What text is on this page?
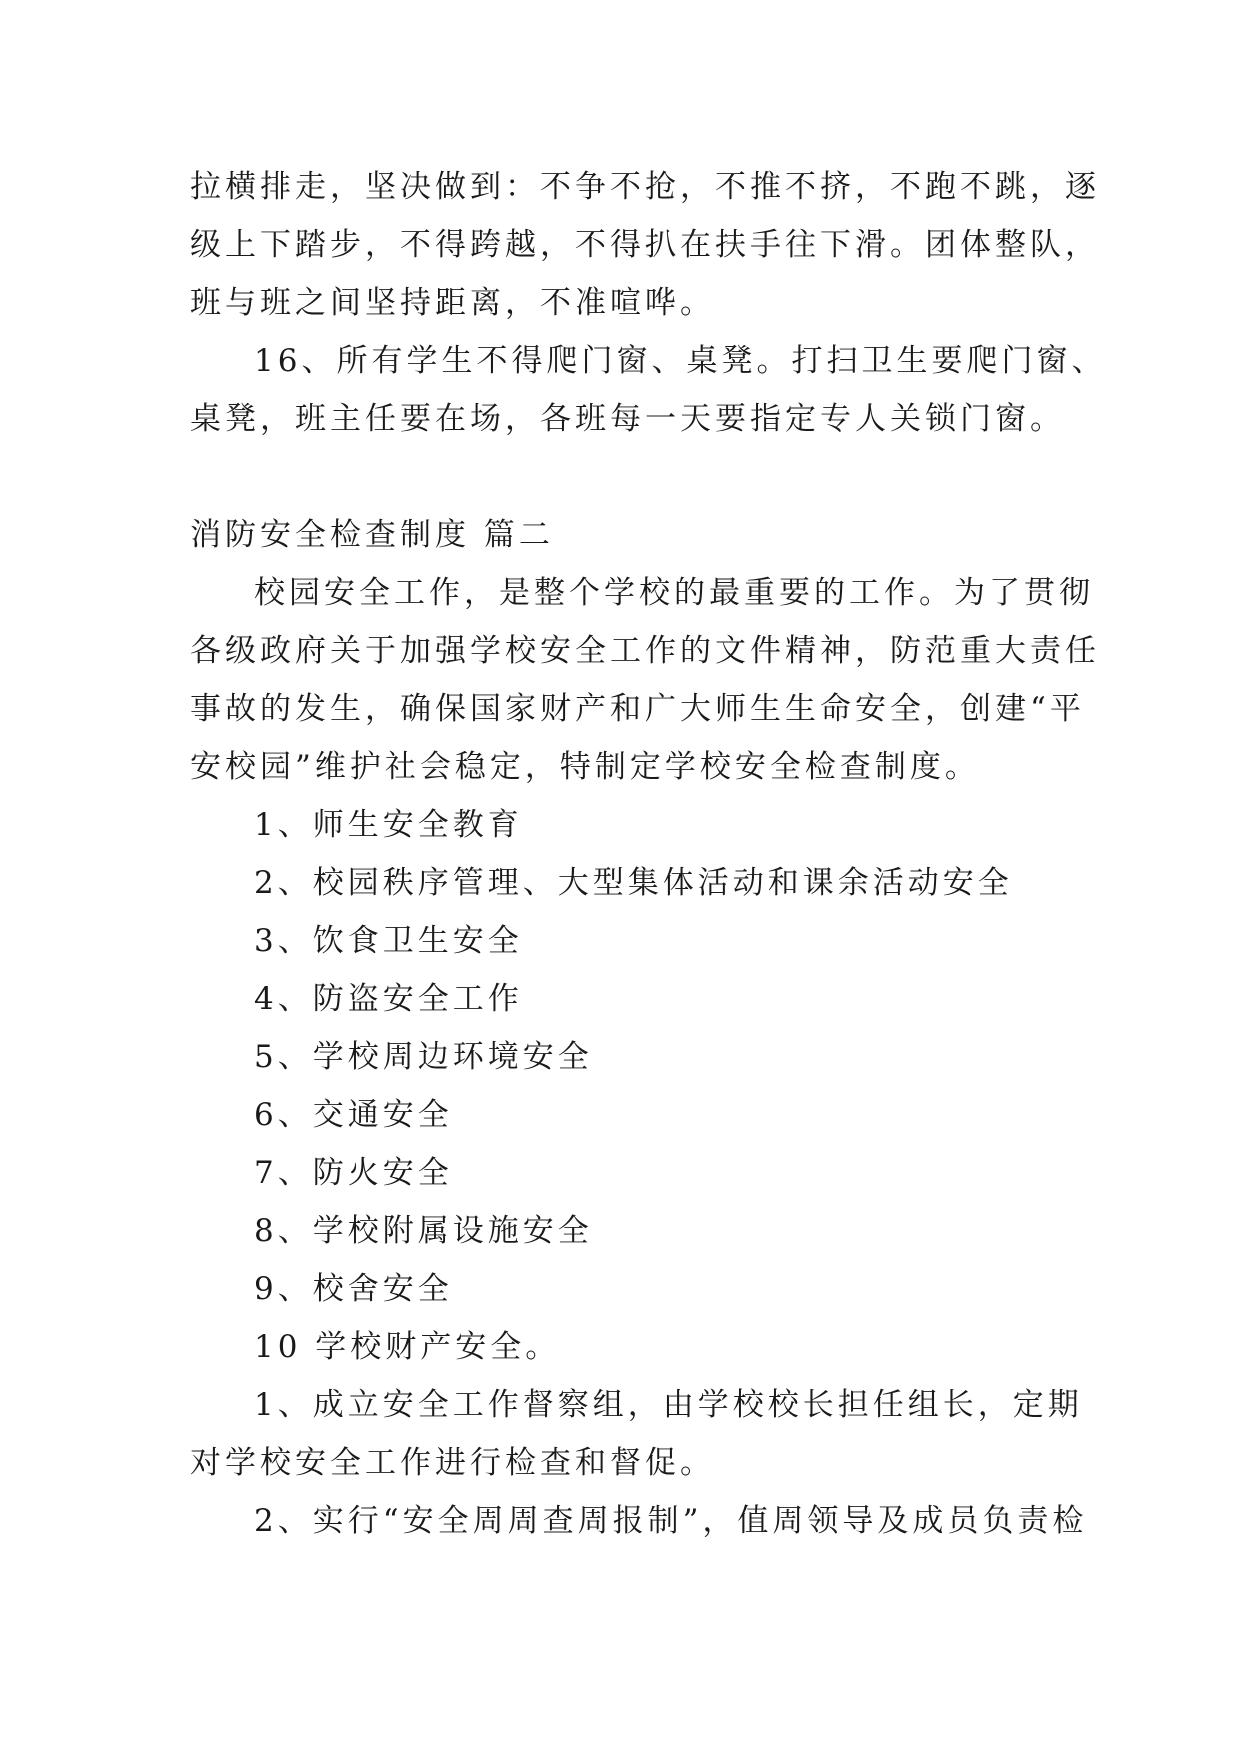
拉横排走，坚决做到：不争不抢，不推不挤，不跑不跳，逐
级上下踏步，不得跨越，不得扒在扶手往下滑。团体整队，
班与班之间坚持距离，不准喧哗。
16、所有学生不得爬门窗、桌凳。打扫卫生要爬门窗、
桌凳，班主任要在场，各班每一天要指定专人关锁门窗。
消防安全检查制度 篇二
校园安全工作，是整个学校的最重要的工作。为了贯彻
各级政府关于加强学校安全工作的文件精神，防范重大责任
事故的发生，确保国家财产和广大师生生命安全，创建“平
安校园”维护社会稳定，特制定学校安全检查制度。
1、师生安全教育
2、校园秩序管理、大型集体活动和课余活动安全
3、饮食卫生安全
4、防盗安全工作
5、学校周边环境安全
6、交通安全
7、防火安全
8、学校附属设施安全
9、校舍安全
10 学校财产安全。
1、成立安全工作督察组，由学校校长担任组长，定期
对学校安全工作进行检查和督促。
2、实行“安全周周查周报制”，值周领导及成员负责检
